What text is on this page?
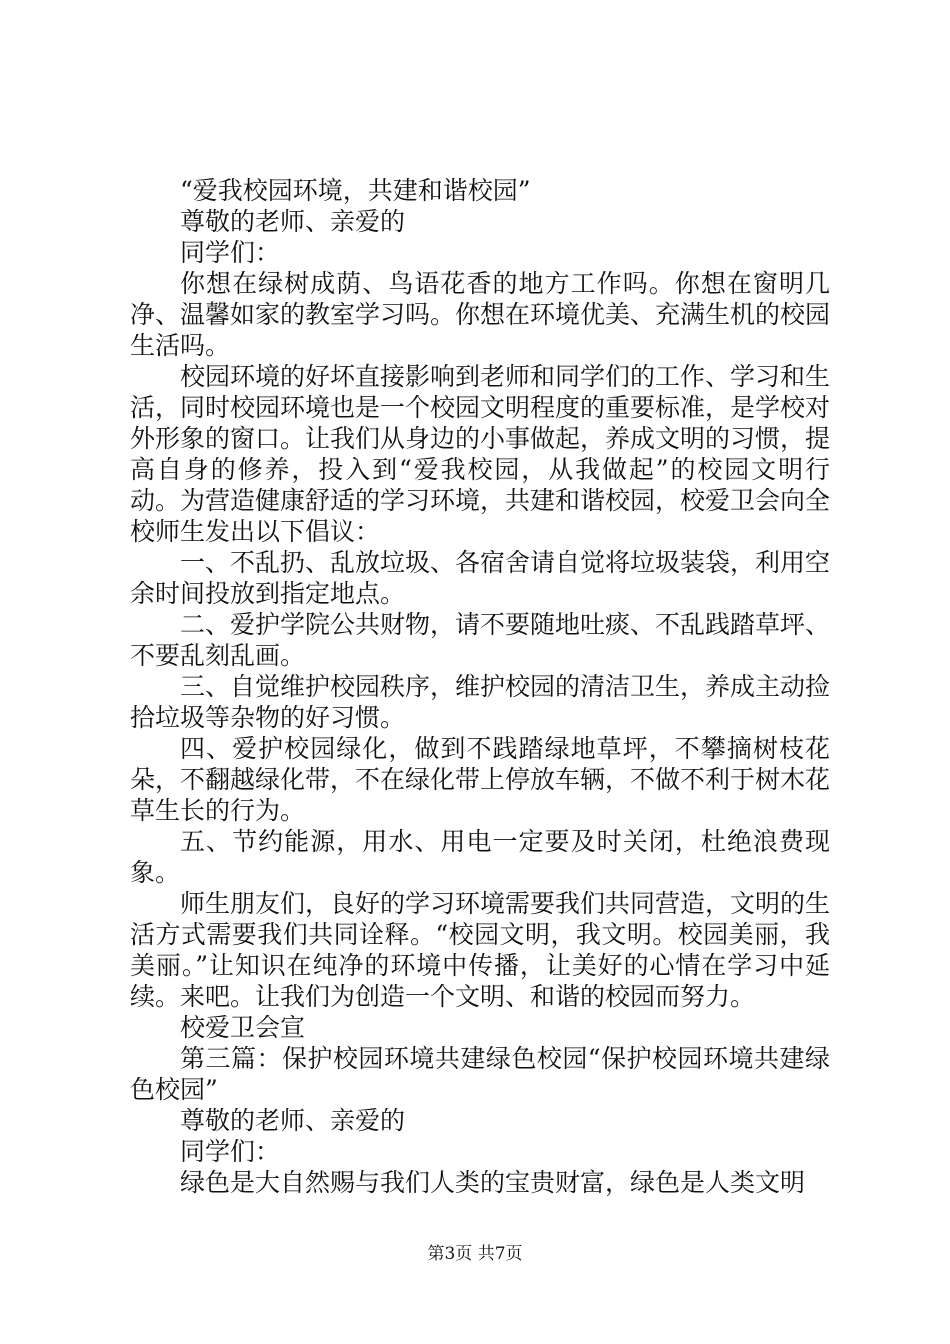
“爱我校园环境，共建和谐校园”

尊敬的老师、亲爱的

同学们：

你想在绿树成荫、鸟语花香的地方工作吗。你想在窗明几净、温馨如家的教室学习吗。你想在环境优美、充满生机的校园生活吗。

校园环境的好坏直接影响到老师和同学们的工作、学习和生活，同时校园环境也是一个校园文明程度的重要标准，是学校对外形象的窗口。让我们从身边的小事做起，养成文明的习惯，提高自身的修养，投入到“爱我校园，从我做起”的校园文明行动。为营造健康舒适的学习环境，共建和谐校园，校爱卫会向全校师生发出以下倡议：

一、不乱扔、乱放垃圾、各宿舍请自觉将垃圾装袋，利用空余时间投放到指定地点。

二、爱护学院公共财物，请不要随地吐痰、不乱践踏草坪、不要乱刻乱画。

三、自觉维护校园秩序，维护校园的清洁卫生，养成主动捡拾垃圾等杂物的好习惯。

四、爱护校园绿化，做到不践踏绿地草坪，不攀摘树枝花朵，不翻越绿化带，不在绿化带上停放车辆，不做不利于树木花草生长的行为。

五、节约能源，用水、用电一定要及时关闭，杜绝浪费现象。

师生朋友们，良好的学习环境需要我们共同营造，文明的生活方式需要我们共同诠释。“校园文明，我文明。校园美丽，我美丽。”让知识在纯净的环境中传播，让美好的心情在学习中延续。来吧。让我们为创造一个文明、和谐的校园而努力。

校爱卫会宣

第三篇：保护校园环境共建绿色校园“保护校园环境共建绿色校园”

尊敬的老师、亲爱的

同学们：

绿色是大自然赐与我们人类的宝贵财富，绿色是人类文明

第3页 共7页
